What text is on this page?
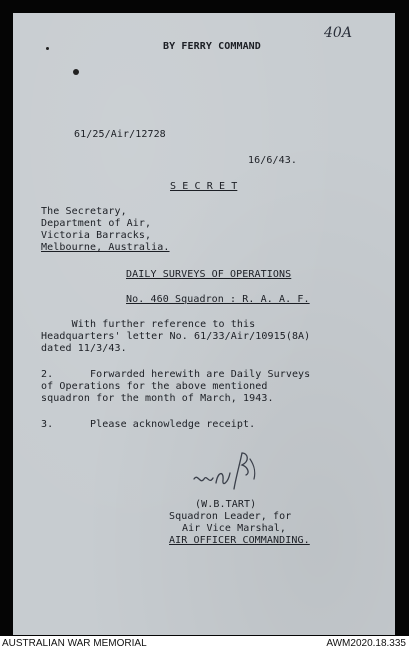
40A
BY FERRY COMMAND
61/25/Air/12728
16/6/43.
S E C R E T
The Secretary,
Department of Air,
Victoria Barracks,
Melbourne, Australia.
DAILY SURVEYS OF OPERATIONS
No. 460 Squadron : R. A. A. F.
With further reference to this
Headquarters' letter No. 61/33/Air/10915(8A)
dated 11/3/43.
2.      Forwarded herewith are Daily Surveys
of Operations for the above mentioned
squadron for the month of March, 1943.
3.      Please acknowledge receipt.
(W.B.TART)
Squadron Leader, for
Air Vice Marshal,
AIR OFFICER COMMANDING.
AUSTRALIAN WAR MEMORIAL	AWM2020.18.335
